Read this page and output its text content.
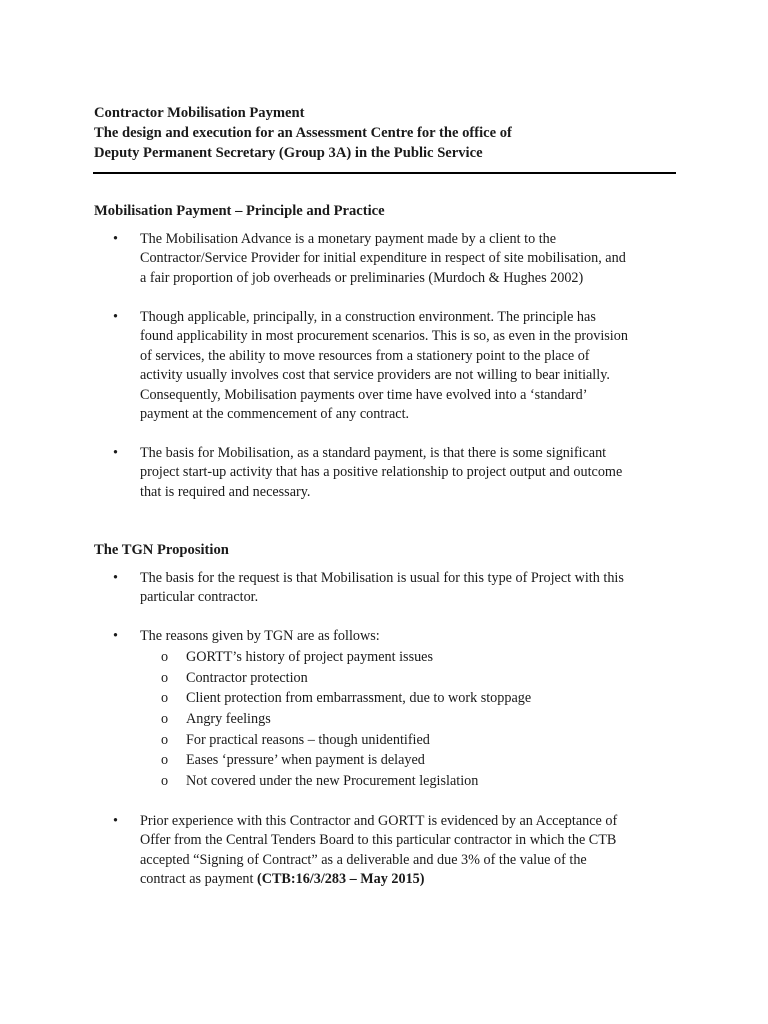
Contractor Mobilisation Payment
The design and execution for an Assessment Centre for the office of
Deputy Permanent Secretary (Group 3A) in the Public Service
Mobilisation Payment – Principle and Practice
• The Mobilisation Advance is a monetary payment made by a client to the
Contractor/Service Provider for initial expenditure in respect of site mobilisation, and
a fair proportion of job overheads or preliminaries (Murdoch & Hughes 2002)
• Though applicable, principally, in a construction environment. The principle has
found applicability in most procurement scenarios. This is so, as even in the provision
of services, the ability to move resources from a stationery point to the place of
activity usually involves cost that service providers are not willing to bear initially.
Consequently, Mobilisation payments over time have evolved into a ‘standard’
payment at the commencement of any contract.
• The basis for Mobilisation, as a standard payment, is that there is some significant
project start-up activity that has a positive relationship to project output and outcome
that is required and necessary.
The TGN Proposition
• The basis for the request is that Mobilisation is usual for this type of Project with this
particular contractor.
• The reasons given by TGN are as follows:
o GORTT’s history of project payment issues
o Contractor protection
o Client protection from embarrassment, due to work stoppage
o Angry feelings
o For practical reasons – though unidentified
o Eases ‘pressure’ when payment is delayed
o Not covered under the new Procurement legislation
• Prior experience with this Contractor and GORTT is evidenced by an Acceptance of
Offer from the Central Tenders Board to this particular contractor in which the CTB
accepted “Signing of Contract” as a deliverable and due 3% of the value of the
contract as payment (CTB:16/3/283 – May 2015)
